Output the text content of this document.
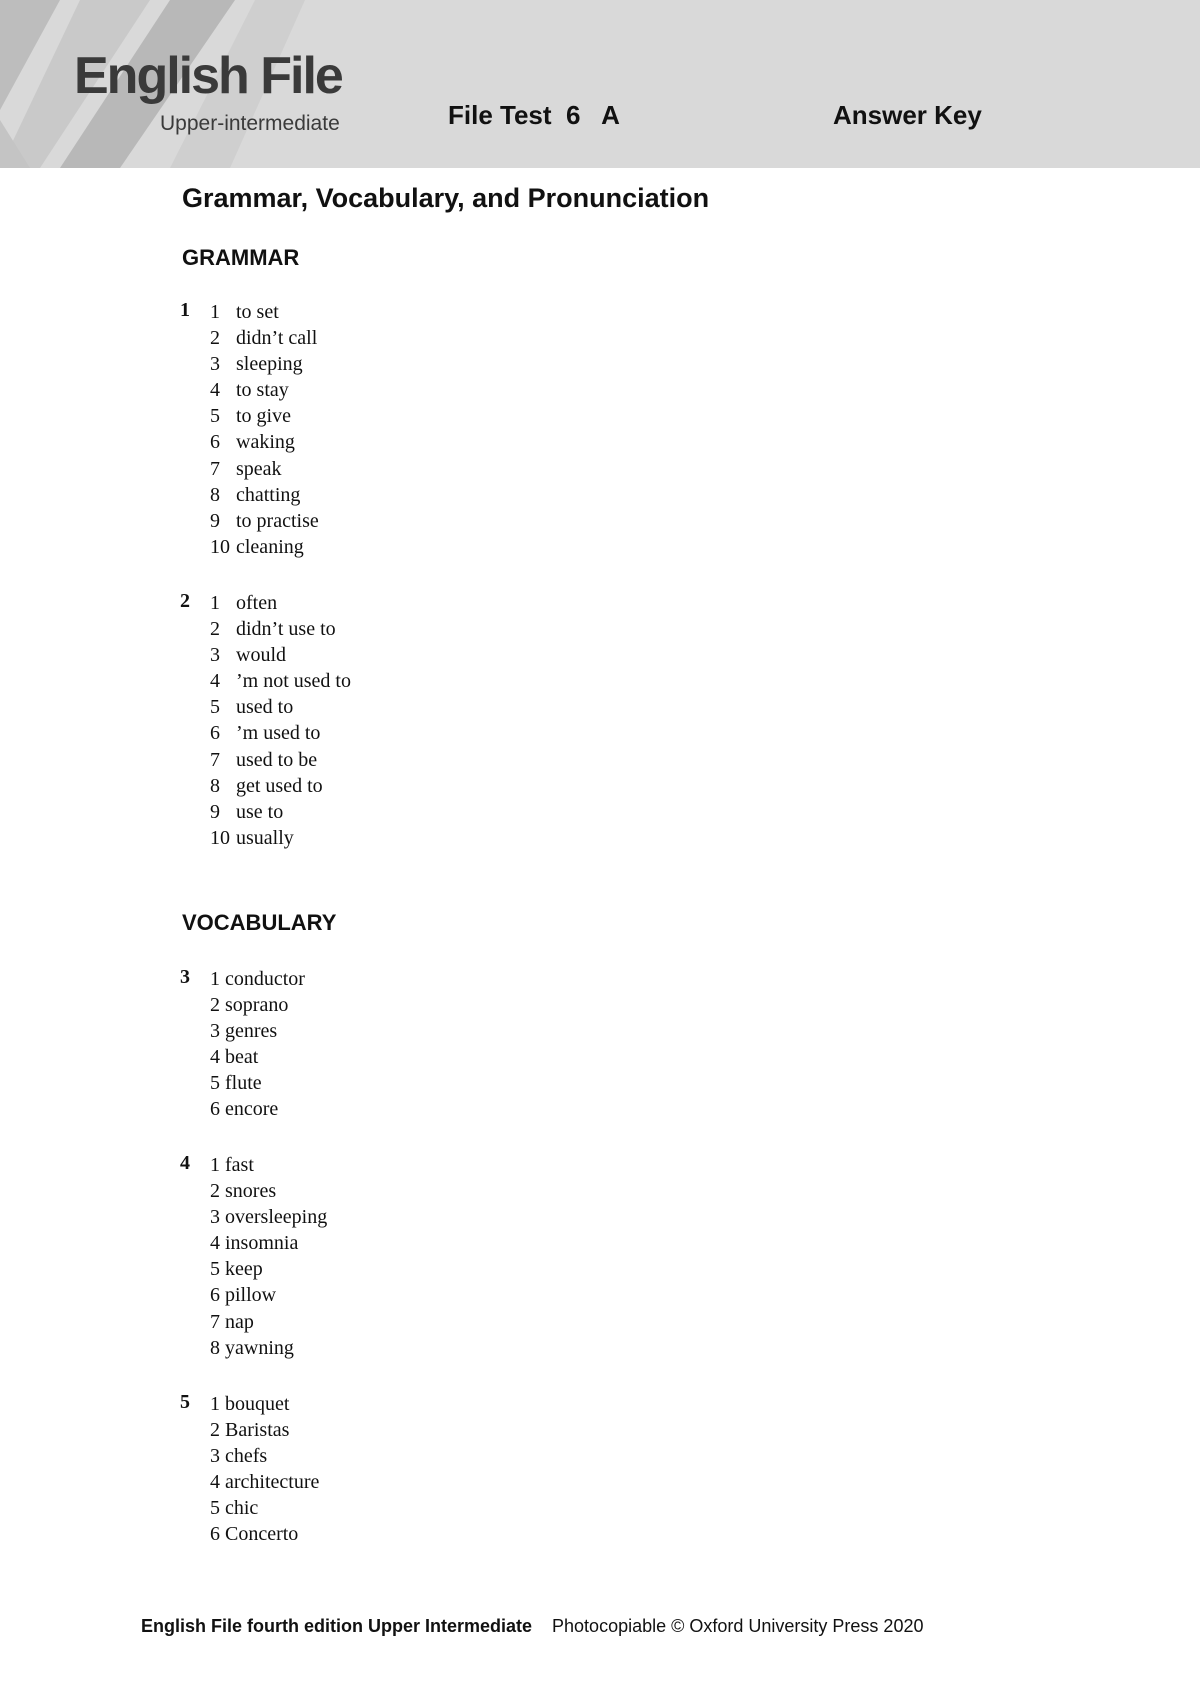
English File
Upper-intermediate	File Test  6   A	Answer Key
Grammar, Vocabulary, and Pronunciation
GRAMMAR
1 1 to set
2 didn’t call
3 sleeping
4 to stay
5 to give
6 waking
7 speak
8 chatting
9 to practise
10 cleaning
2 1 often
2 didn’t use to
3 would
4 ’m not used to
5 used to
6 ’m used to
7 used to be
8 get used to
9 use to
10 usually
VOCABULARY
3 1 conductor
2 soprano
3 genres
4 beat
5 flute
6 encore
4 1 fast
2 snores
3 oversleeping
4 insomnia
5 keep
6 pillow
7 nap
8 yawning
5 1 bouquet
2 Baristas
3 chefs
4 architecture
5 chic
6 Concerto
English File fourth edition Upper Intermediate Photocopiable © Oxford University Press 2020
